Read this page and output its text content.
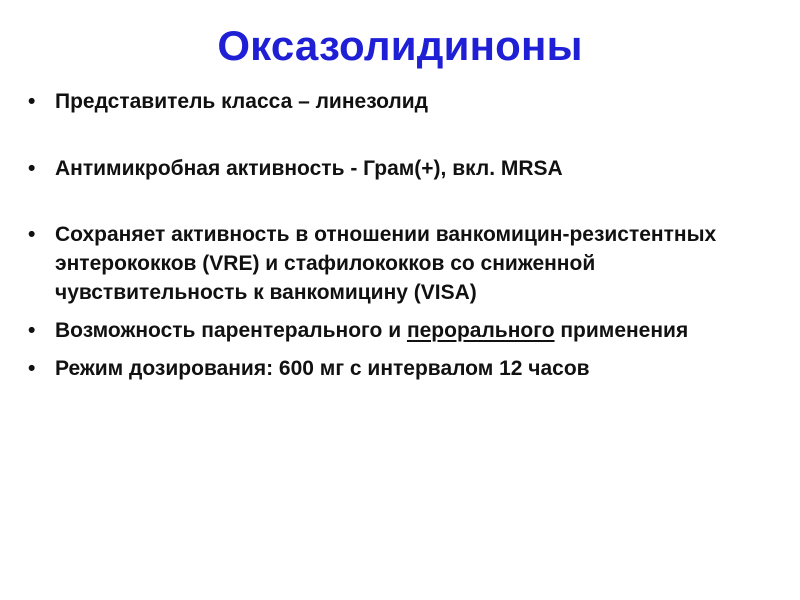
Оксазолидиноны
• Представитель класса – линезолид
• Антимикробная активность - Грам(+), вкл. MRSA
• Сохраняет активность в отношении ванкомицин-резистентных энтерококков (VRE) и стафилококков со сниженной чувствительность к ванкомицину (VISA)
• Возможность парентерального и перорального применения
• Режим дозирования: 600 мг с интервалом 12 часов
